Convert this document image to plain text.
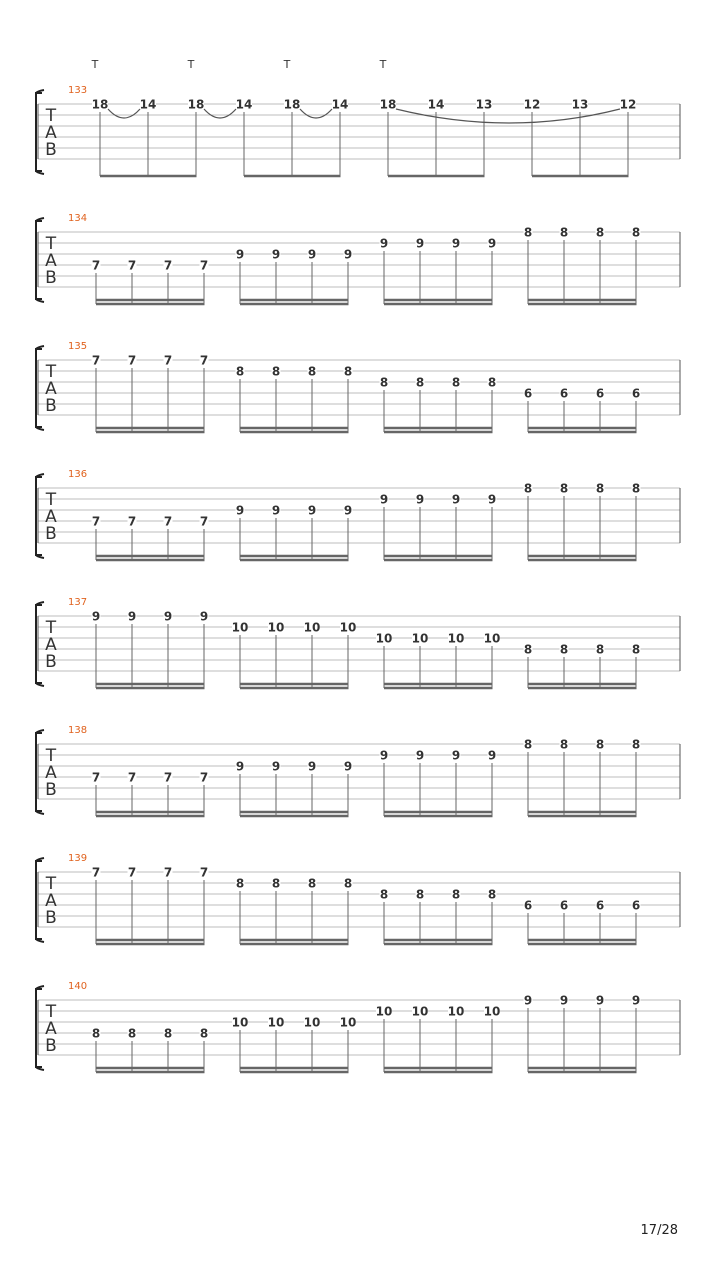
T	T	T	T
133
T
A
B
18	14	18	14	18	14	18	14	13	12	13	12
134
T
A
B
7 7 7 7
9 9 9 9
9 9 9 9
8 8 8 8
135
T
A
B
7 7 7 7
8 8 8 8
8 8 8 8
6 6 6 6
136
T
A
B
7 7 7 7
9 9 9 9
9 9 9 9
8 8 8 8
137
T
A
B
9 9 9 9
10 10 10 10
10 10 10 10
8 8 8 8
138
T
A
B
7 7 7 7
9 9 9 9
9 9 9 9
8 8 8 8
139
T
A
B
7 7 7 7
8 8 8 8
8 8 8 8
6 6 6 6
140
T
A
B
8 8 8 8
10 10 10 10
10 10 10 10
9 9 9 9
17/28
